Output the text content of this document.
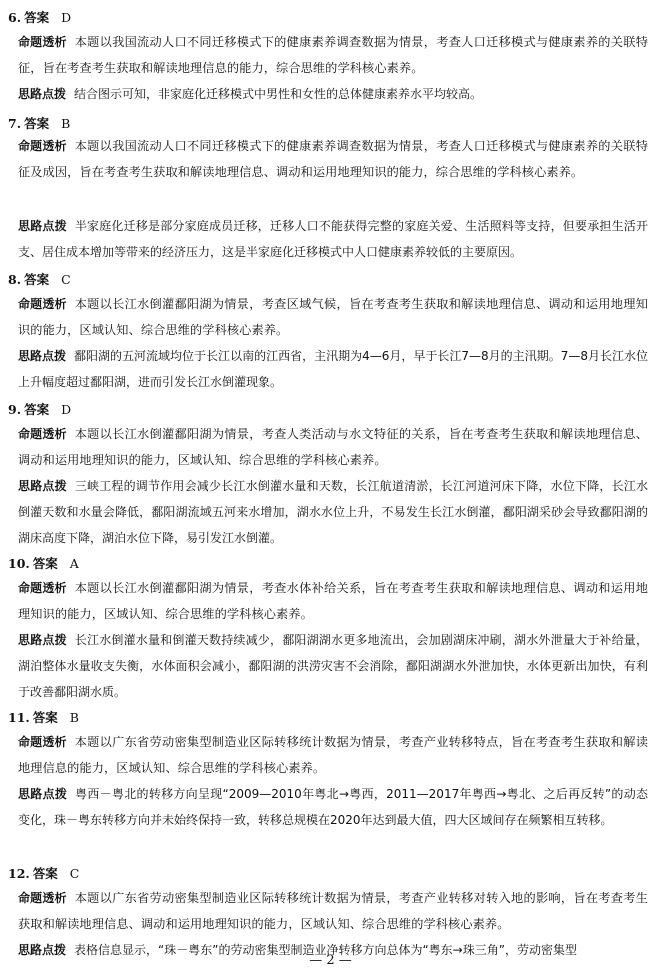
6. 答案 D
命题透析 本题以我国流动人口不同迁移模式下的健康素养调查数据为情景，考查人口迁移模式与健康素养的关联特征，旨在考查考生获取和解读地理信息的能力，综合思维的学科核心素养。
思路点拨 结合图示可知，非家庭化迁移模式中男性和女性的总体健康素养水平均较高。
7. 答案 B
命题透析 本题以我国流动人口不同迁移模式下的健康素养调查数据为情景，考查人口迁移模式与健康素养的关联特征及成因，旨在考查考生获取和解读地理信息、调动和运用地理知识的能力，综合思维的学科核心素养。
思路点拨 半家庭化迁移是部分家庭成员迁移，迁移人口不能获得完整的家庭关爱、生活照料等支持，但要承担生活开支、居住成本增加等带来的经济压力，这是半家庭化迁移模式中人口健康素养较低的主要原因。
8. 答案 C
命题透析 本题以长江水倒灌鄱阳湖为情景，考查区域气候，旨在考查考生获取和解读地理信息、调动和运用地理知识的能力，区域认知、综合思维的学科核心素养。
思路点拨 鄱阳湖的五河流域均位于长江以南的江西省，主汛期为4—6月，早于长江7—8月的主汛期。7—8月长江水位上升幅度超过鄱阳湖，进而引发长江水倒灌现象。
9. 答案 D
命题透析 本题以长江水倒灌鄱阳湖为情景，考查人类活动与水文特征的关系，旨在考查考生获取和解读地理信息、调动和运用地理知识的能力，区域认知、综合思维的学科核心素养。
思路点拨 三峡工程的调节作用会减少长江水倒灌水量和天数，长江航道清淤，长江河道河床下降，水位下降，长江水倒灌天数和水量会降低，鄱阳湖流域五河来水增加，湖水水位上升，不易发生长江水倒灌，鄱阳湖采砂会导致鄱阳湖的湖床高度下降，湖泊水位下降，易引发江水倒灌。
10. 答案 A
命题透析 本题以长江水倒灌鄱阳湖为情景，考查水体补给关系，旨在考查考生获取和解读地理信息、调动和运用地理知识的能力，区域认知、综合思维的学科核心素养。
思路点拨 长江水倒灌水量和倒灌天数持续减少，鄱阳湖湖水更多地流出，会加剧湖床冲刷，湖水外泄量大于补给量，湖泊整体水量收支失衡，水体面积会减小，鄱阳湖的洪涝灾害不会消除，鄱阳湖湖水外泄加快，水体更新出加快，有利于改善鄱阳湖水质。
11. 答案 B
命题透析 本题以广东省劳动密集型制造业区际转移统计数据为情景，考查产业转移特点，旨在考查考生获取和解读地理信息的能力，区域认知、综合思维的学科核心素养。
思路点拨 粤西－粤北的转移方向呈现“2009—2010年粤北→粤西，2011—2017年粤西→粤北、之后再反转”的动态变化，珠－粤东转移方向并未始终保持一致，转移总规模在2020年达到最大值，四大区域间存在频繁相互转移。
12. 答案 C
命题透析 本题以广东省劳动密集型制造业区际转移统计数据为情景，考查产业转移对转入地的影响，旨在考查考生获取和解读地理信息、调动和运用地理知识的能力，区域认知、综合思维的学科核心素养。
思路点拨 表格信息显示，“珠－粤东”的劳动密集型制造业净转移方向总体为“粤东→珠三角”，劳动密集型
— 2 —
